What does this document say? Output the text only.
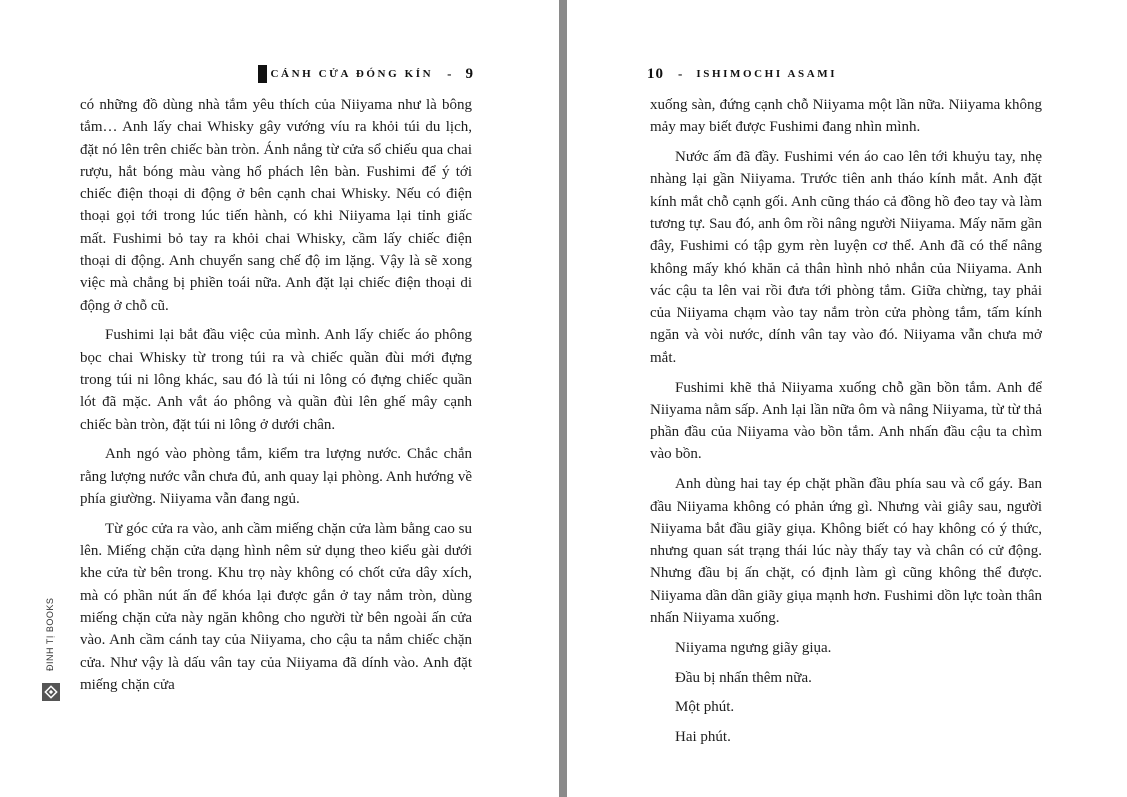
CÁNH CỬA ĐÓNG KÍN - 9

có những đồ dùng nhà tắm yêu thích của Niiyama như là bông tắm… Anh lấy chai Whisky gây vướng víu ra khỏi túi du lịch, đặt nó lên trên chiếc bàn tròn. Ánh nắng từ cửa sổ chiếu qua chai rượu, hắt bóng màu vàng hổ phách lên bàn. Fushimi để ý tới chiếc điện thoại di động ở bên cạnh chai Whisky. Nếu có điện thoại gọi tới trong lúc tiến hành, có khi Niiyama lại tỉnh giấc mất. Fushimi bỏ tay ra khỏi chai Whisky, cầm lấy chiếc điện thoại di động. Anh chuyển sang chế độ im lặng. Vậy là sẽ xong việc mà chẳng bị phiền toái nữa. Anh đặt lại chiếc điện thoại di động ở chỗ cũ.

Fushimi lại bắt đầu việc của mình. Anh lấy chiếc áo phông bọc chai Whisky từ trong túi ra và chiếc quần đùi mới đựng trong túi ni lông khác, sau đó là túi ni lông có đựng chiếc quần lót đã mặc. Anh vắt áo phông và quần đùi lên ghế mây cạnh chiếc bàn tròn, đặt túi ni lông ở dưới chân.

Anh ngó vào phòng tắm, kiểm tra lượng nước. Chắc chắn rằng lượng nước vẫn chưa đủ, anh quay lại phòng. Anh hướng về phía giường. Niiyama vẫn đang ngủ.

Từ góc cửa ra vào, anh cầm miếng chặn cửa làm bằng cao su lên. Miếng chặn cửa dạng hình nêm sử dụng theo kiểu gài dưới khe cửa từ bên trong. Khu trọ này không có chốt cửa dây xích, mà có phần nút ấn để khóa lại được gắn ở tay nắm tròn, dùng miếng chặn cửa này ngăn không cho người từ bên ngoài ấn cửa vào. Anh cầm cánh tay của Niiyama, cho cậu ta nắm chiếc chặn cửa. Như vậy là dấu vân tay của Niiyama đã dính vào. Anh đặt miếng chặn cửa

ĐINH TỊ BOOKS
10 - ISHIMOCHI ASAMI

xuống sàn, đứng cạnh chỗ Niiyama một lần nữa. Niiyama không mảy may biết được Fushimi đang nhìn mình.

Nước ấm đã đầy. Fushimi vén áo cao lên tới khuỷu tay, nhẹ nhàng lại gần Niiyama. Trước tiên anh tháo kính mắt. Anh đặt kính mắt chỗ cạnh gối. Anh cũng tháo cả đồng hồ đeo tay và làm tương tự. Sau đó, anh ôm rồi nâng người Niiyama. Mấy năm gần đây, Fushimi có tập gym rèn luyện cơ thể. Anh đã có thể nâng không mấy khó khăn cả thân hình nhỏ nhắn của Niiyama. Anh vác cậu ta lên vai rồi đưa tới phòng tắm. Giữa chừng, tay phải của Niiyama chạm vào tay nắm tròn cửa phòng tắm, tấm kính ngăn và vòi nước, dính vân tay vào đó. Niiyama vẫn chưa mở mắt.

Fushimi khẽ thả Niiyama xuống chỗ gần bồn tắm. Anh để Niiyama nằm sấp. Anh lại lần nữa ôm và nâng Niiyama, từ từ thả phần đầu của Niiyama vào bồn tắm. Anh nhấn đầu cậu ta chìm vào bồn.

Anh dùng hai tay ép chặt phần đầu phía sau và cổ gáy. Ban đầu Niiyama không có phản ứng gì. Nhưng vài giây sau, người Niiyama bắt đầu giãy giụa. Không biết có hay không có ý thức, nhưng quan sát trạng thái lúc này thấy tay và chân có cử động. Nhưng đầu bị ấn chặt, có định làm gì cũng không thể được. Niiyama dần dần giãy giụa mạnh hơn. Fushimi dồn lực toàn thân nhấn Niiyama xuống.

Niiyama ngưng giãy giụa.

Đầu bị nhấn thêm nữa.

Một phút.

Hai phút.
